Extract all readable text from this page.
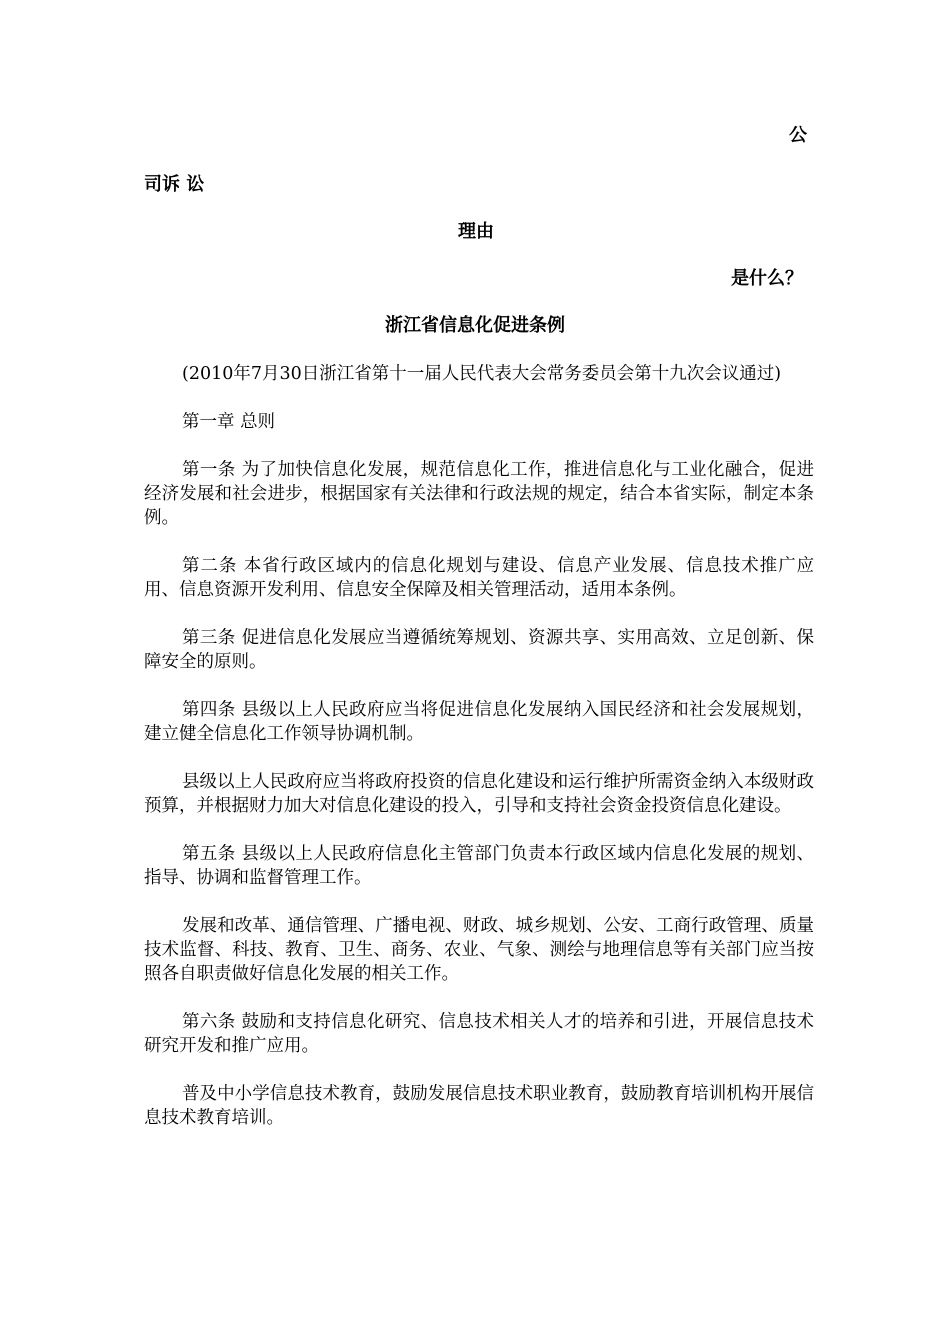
公

司诉 讼

理由

是什么？

浙江省信息化促进条例

(2010年7月30日浙江省第十一届人民代表大会常务委员会第十九次会议通过)

第一章 总则

第一条 为了加快信息化发展，规范信息化工作，推进信息化与工业化融合，促进经济发展和社会进步，根据国家有关法律和行政法规的规定，结合本省实际，制定本条例。

第二条 本省行政区域内的信息化规划与建设、信息产业发展、信息技术推广应用、信息资源开发利用、信息安全保障及相关管理活动，适用本条例。

第三条 促进信息化发展应当遵循统筹规划、资源共享、实用高效、立足创新、保障安全的原则。

第四条 县级以上人民政府应当将促进信息化发展纳入国民经济和社会发展规划，建立健全信息化工作领导协调机制。

县级以上人民政府应当将政府投资的信息化建设和运行维护所需资金纳入本级财政预算，并根据财力加大对信息化建设的投入，引导和支持社会资金投资信息化建设。

第五条 县级以上人民政府信息化主管部门负责本行政区域内信息化发展的规划、指导、协调和监督管理工作。

发展和改革、通信管理、广播电视、财政、城乡规划、公安、工商行政管理、质量技术监督、科技、教育、卫生、商务、农业、气象、测绘与地理信息等有关部门应当按照各自职责做好信息化发展的相关工作。

第六条 鼓励和支持信息化研究、信息技术相关人才的培养和引进，开展信息技术研究开发和推广应用。

普及中小学信息技术教育，鼓励发展信息技术职业教育，鼓励教育培训机构开展信息技术教育培训。
